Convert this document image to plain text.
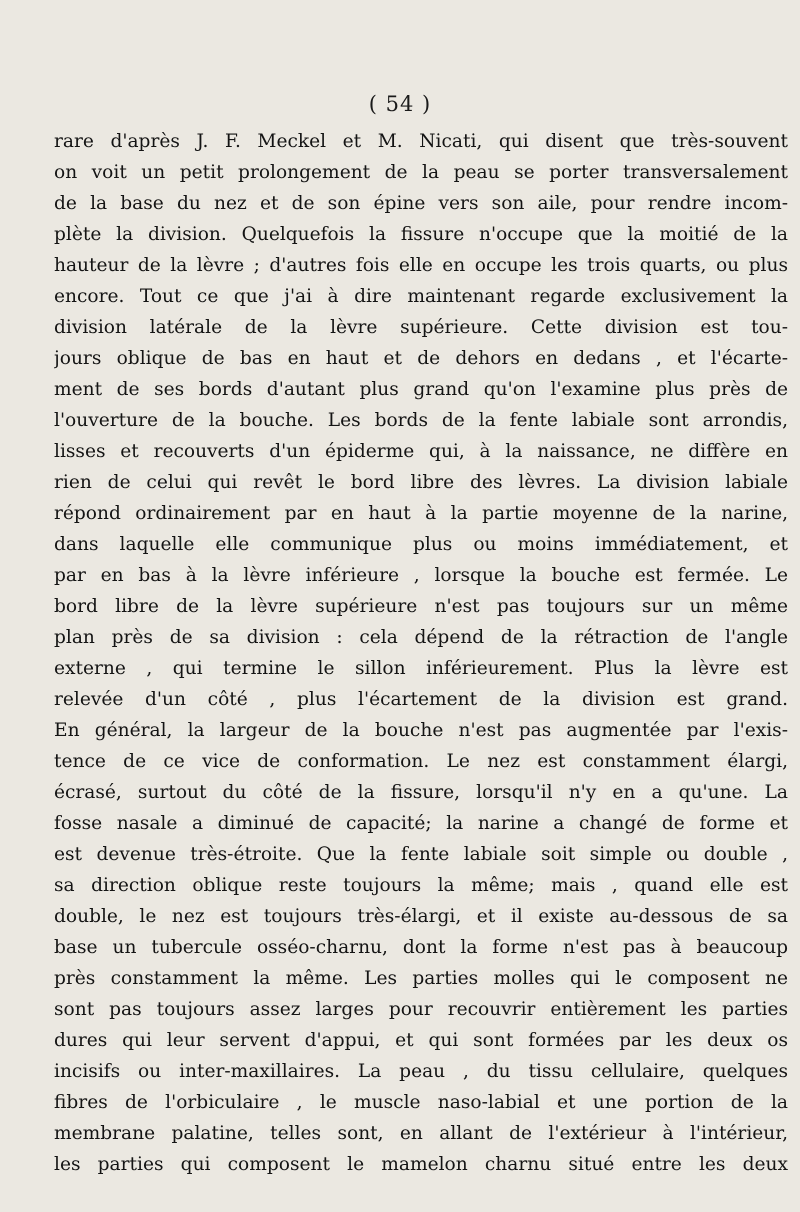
( 54 )
rare d'après J. F. Meckel et M. Nicati, qui disent que très-souvent
on voit un petit prolongement de la peau se porter transversalement
de la base du nez et de son épine vers son aile, pour rendre incom-
plète la division. Quelquefois la fissure n'occupe que la moitié de la
hauteur de la lèvre ; d'autres fois elle en occupe les trois quarts, ou plus
encore. Tout ce que j'ai à dire maintenant regarde exclusivement la
division latérale de la lèvre supérieure. Cette division est tou-
jours oblique de bas en haut et de dehors en dedans , et l'écarte-
ment de ses bords d'autant plus grand qu'on l'examine plus près de
l'ouverture de la bouche. Les bords de la fente labiale sont arrondis,
lisses et recouverts d'un épiderme qui, à la naissance, ne diffère en
rien de celui qui revêt le bord libre des lèvres. La division labiale
répond ordinairement par en haut à la partie moyenne de la narine,
dans laquelle elle communique plus ou moins immédiatement, et
par en bas à la lèvre inférieure , lorsque la bouche est fermée. Le
bord libre de la lèvre supérieure n'est pas toujours sur un même
plan près de sa division : cela dépend de la rétraction de l'angle
externe , qui termine le sillon inférieurement. Plus la lèvre est
relevée d'un côté , plus l'écartement de la division est grand.
En général, la largeur de la bouche n'est pas augmentée par l'exis-
tence de ce vice de conformation. Le nez est constamment élargi,
écrasé, surtout du côté de la fissure, lorsqu'il n'y en a qu'une. La
fosse nasale a diminué de capacité; la narine a changé de forme et
est devenue très-étroite. Que la fente labiale soit simple ou double ,
sa direction oblique reste toujours la même; mais , quand elle est
double, le nez est toujours très-élargi, et il existe au-dessous de sa
base un tubercule osséo-charnu, dont la forme n'est pas à beaucoup
près constamment la même. Les parties molles qui le composent ne
sont pas toujours assez larges pour recouvrir entièrement les parties
dures qui leur servent d'appui, et qui sont formées par les deux os
incisifs ou inter-maxillaires. La peau , du tissu cellulaire, quelques
fibres de l'orbiculaire , le muscle naso-labial et une portion de la
membrane palatine, telles sont, en allant de l'extérieur à l'intérieur,
les parties qui composent le mamelon charnu situé entre les deux
